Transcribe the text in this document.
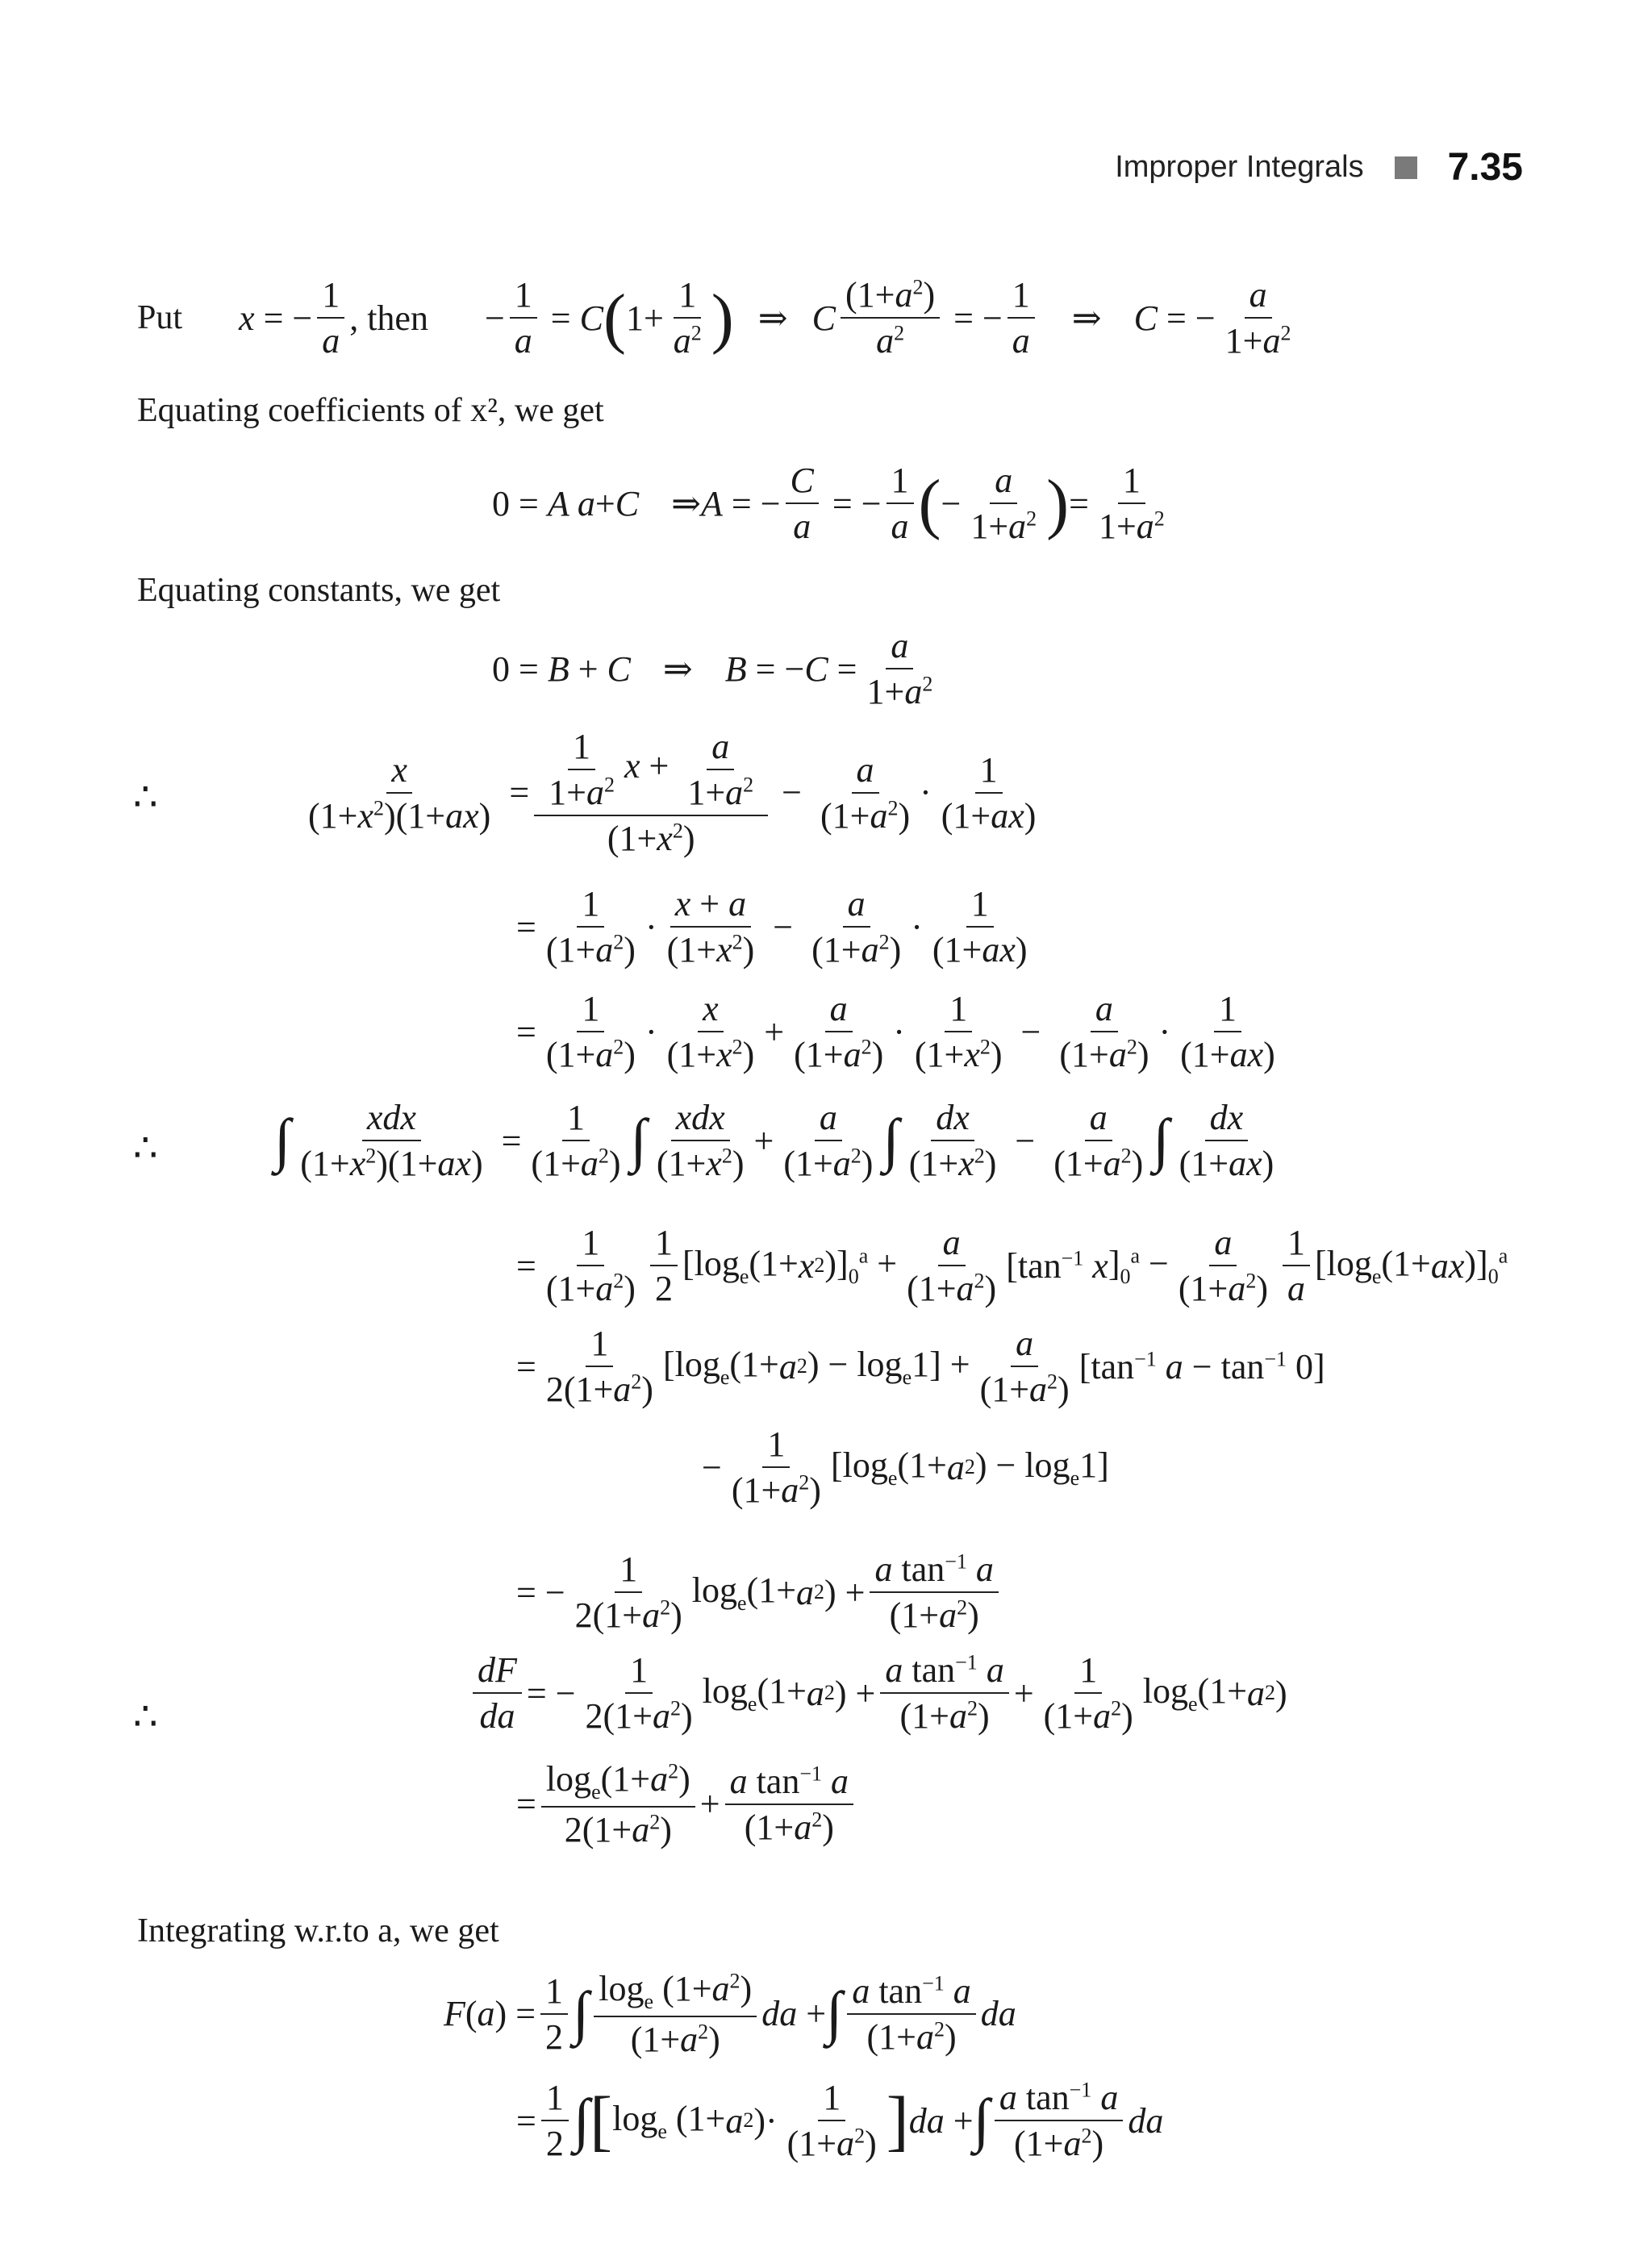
Improper Integrals 7.35
Put x = − $\frac{1}{a}$ , then − $\frac{1}{a} = C$ ( $1+ \frac{1}{a^2}$ ) ⇒ C $\frac{(1+a^2)}{a^2}$ = − $\frac{1}{a}$ ⇒ C = − $\frac{a}{1+a^2}$
Equating coefficients of x², we get
0 = A a + C ⇒ A = − $\frac{C}{a}$ = − $\frac{1}{a}$ ( − $\frac{a}{1+a^2}$ ) = $\frac{1}{1+a^2}$
Equating constants, we get
0 = B + C ⇒ B = − $C = \frac{a}{1+a^2}$
∴	$\frac{x}{(1+x^2)(1+ax)} = \frac{\frac{1}{1+a^2} x + \frac{a}{1+a^2}}{(1+x^2)} - \frac{a}{(1+a^2)} \cdot \frac{1}{(1+ax)}$
= $\frac{1}{(1+a^2)} \cdot \frac{x + a}{(1+x^2)} - \frac{a}{(1+a^2)} \cdot \frac{1}{(1+ax)}$
= $\frac{1}{(1+a^2)} \cdot \frac{x}{(1+x^2)} + \frac{a}{(1+a^2)} \cdot \frac{1}{(1+x^2)} - \frac{a}{(1+a^2)} \cdot \frac{1}{(1+ax)}$
∴ ∫ $\frac{\text{xdx}}{(1+x^2)(1+ax)} = \frac{1}{(1+a^2)}$ ∫ $\frac{\text{xdx}}{(1+x^2)} + \frac{a}{(1+a^2)}$ ∫ $\frac{dx}{(1+x^2)} - \frac{a}{(1+a^2)}$ ∫ $\frac{dx}{(1+ax)}$
= $\frac{1}{(1+a^2)} \frac{1}{2} [\log_e(1+ x$ 2 )]$_0^a + \frac{a}{(1+a^2)} [\tan^{-1}$ x ]$_0^a - \frac{a}{(1+a^2)} \frac{1}{a} [\log_e(1+$ ax )]$_0^a$
= $\frac{1}{2(1+a^2)} [\log_e(1+ a$ 2 ) − $\log_e1] + \frac{a}{(1+a^2)} [\tan^{-1}$ $a - \tan^{-1} 0$]
− $\frac{1}{(1+a^2)} [\log_e(1+ a$ 2 ) − $\log_e1$]
= − $\frac{1}{2(1+a^2)} \log_e(1+ a$ 2 ) + $\frac{a \tan^{-1} a}{(1+a^2)}$
∴	$\frac{dF}{da}$ = − $\frac{1}{2(1+a^2)} \log_e(1+ a$ 2 ) + $\frac{a \tan^{-1} a}{(1+a^2)} + \frac{1}{(1+a^2)} \log_e(1+ a$ 2 )
= $\frac{\log_e(1+a^2)}{2(1+a^2)} + \frac{a \tan^{-1} a}{(1+a^2)}$
Integrating w.r.to a, we get
F ( a ) = $\frac{1}{2}$ ∫ $\frac{\log_e (1+a^2)}{(1+a^2)}$ da + ∫ $\frac{a \tan^{-1} a}{(1+a^2)}$ da
= $\frac{1}{2}$ ∫ [ $\log_e (1+ a$ 2 )· $\frac{1}{(1+a^2)}$ ] da + ∫ $\frac{a \tan^{-1} a}{(1+a^2)}$ da
